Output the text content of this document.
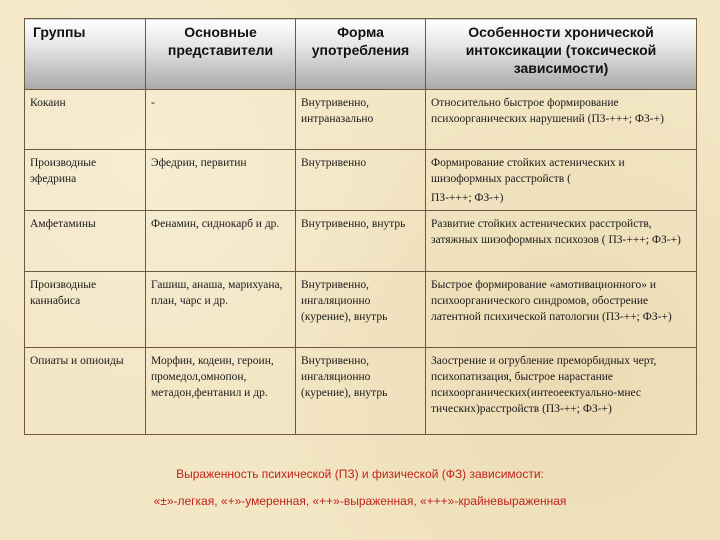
Группы	Основные представители	Форма употребления	Особенности хронической интоксикации (токсической зависимости)
Кокаин	-	Внутривенно, интраназально	Относительно быстрое формирование психоорганических нарушений (ПЗ-+++; ФЗ-+)
Производные эфедрина	Эфедрин, первитин	Внутривенно	Формирование стойких астенических и шизоформных расстройств (
ПЗ-+++; ФЗ-+)

Амфетамины	Фенамин, сиднокарб и др.	Внутривенно, внутрь	Развитие стойких астенических расстройств, затяжных шизоформных психозов ( ПЗ-+++; ФЗ-+)
Производные каннабиса	Гашиш, анаша, марихуана, план, чарс и др.	Внутривенно, ингаляционно (курение), внутрь	Быстрое формирование «амотивационного» и психоорганического синдромов, обострение латентной психической патологии (ПЗ-++; ФЗ-+)
Опиаты и опиоиды	Морфин, кодеин, героин, промедол,омнопон, метадон,фентанил и др.	Внутривенно, ингаляционно (курение), внутрь	Заострение и огрубление преморбидных черт, психопатизация, быстрое нарастание психоорганических(интеоеектуально-мнес тических)расстройств (ПЗ-++; ФЗ-+)
Выраженность психической (ПЗ) и физической (ФЗ) зависимости:
«±»-легкая, «+»-умеренная, «++»-выраженная, «+++»-крайневыраженная
